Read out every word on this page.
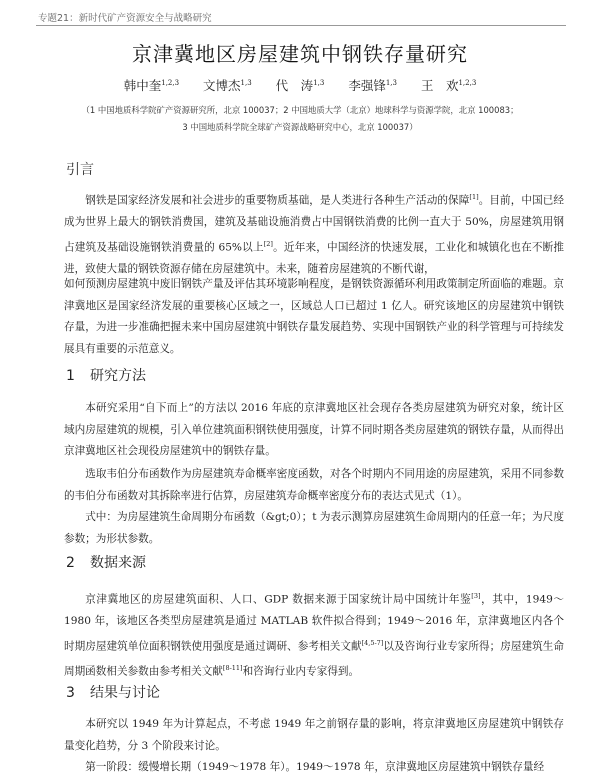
专题21：新时代矿产资源安全与战略研究
京津冀地区房屋建筑中钢铁存量研究
韩中奎$^{1,2,3}$ 文博杰$^{1,3}$ 代　涛$^{1,3}$ 李强锋$^{1,3}$ 王　欢$^{1,2,3}$
（1 中国地质科学院矿产资源研究所，北京 100037；2 中国地质大学（北京）地球科学与资源学院，北京 100083；
3 中国地质科学院全球矿产资源战略研究中心，北京 100037）
引言
钢铁是国家经济发展和社会进步的重要物质基础，是人类进行各种生产活动的保障[1]。目前，中国已经成为世界上最大的钢铁消费国，建筑及基础设施消费占中国钢铁消费的比例一直大于 50%，房屋建筑用钢占建筑及基础设施钢铁消费量的 65%以上[2]。近年来，中国经济的快速发展，工业化和城镇化也在不断推进，致使大量的钢铁资源存储在房屋建筑中。未来，随着房屋建筑的不断代谢，
如何预测房屋建筑中废旧钢铁产量及评估其环境影响程度，是钢铁资源循环利用政策制定所面临的难题。京津冀地区是国家经济发展的重要核心区域之一，区域总人口已超过 1 亿人。研究该地区的房屋建筑中钢铁存量，为进一步准确把握未来中国房屋建筑中钢铁存量发展趋势、实现中国钢铁产业的科学管理与可持续发展具有重要的示范意义。
1 研究方法
本研究采用“自下而上”的方法以 2016 年底的京津冀地区社会现存各类房屋建筑为研究对象，统计区域内房屋建筑的规模，引入单位建筑面积钢铁使用强度，计算不同时期各类房屋建筑的钢铁存量，从而得出京津冀地区社会现役房屋建筑中的钢铁存量。
选取韦伯分布函数作为房屋建筑寿命概率密度函数，对各个时期内不同用途的房屋建筑，采用不同参数的韦伯分布函数对其拆除率进行估算，房屋建筑寿命概率密度分布的表达式见式（1）。
式中：为房屋建筑生命周期分布函数（&gt;0）；t 为表示测算房屋建筑生命周期内的任意一年；为尺度参数；为形状参数。
2 数据来源
京津冀地区的房屋建筑面积、人口、GDP 数据来源于国家统计局中国统计年鉴[3]，其中，1949～1980 年，该地区各类型房屋建筑是通过 MATLAB 软件拟合得到；1949～2016 年，京津冀地区内各个时期房屋建筑单位面积钢铁使用强度是通过调研、参考相关文献[4,5-7]以及咨询行业专家所得；房屋建筑生命周期函数相关参数由参考相关文献[8-11]和咨询行业内专家得到。
3 结果与讨论
本研究以 1949 年为计算起点，不考虑 1949 年之前钢存量的影响，将京津冀地区房屋建筑中钢铁存量变化趋势，分 3 个阶段来讨论。
第一阶段：缓慢增长期（1949～1978 年）。1949～1978 年，京津冀地区房屋建筑中钢铁存量经
